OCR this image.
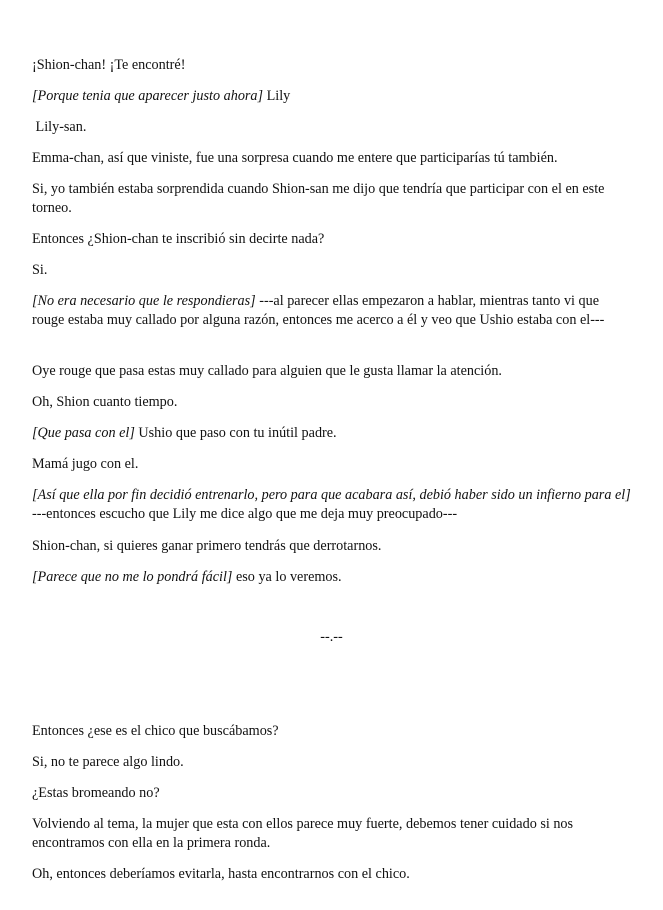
¡Shion-chan! ¡Te encontré!

[Porque tenia que aparecer justo ahora] Lily

Lily-san.

Emma-chan, así que viniste, fue una sorpresa cuando me entere que participarías tú también.

Si, yo también estaba sorprendida cuando Shion-san me dijo que tendría que participar con el en este torneo.

Entonces ¿Shion-chan te inscribió sin decirte nada?

Si.

[No era necesario que le respondieras] ---al parecer ellas empezaron a hablar, mientras tanto vi que rouge estaba muy callado por alguna razón, entonces me acerco a él y veo que Ushio estaba con el---

Oye rouge que pasa estas muy callado para alguien que le gusta llamar la atención.

Oh, Shion cuanto tiempo.

[Que pasa con el] Ushio que paso con tu inútil padre.

Mamá jugo con el.

[Así que ella por fin decidió entrenarlo, pero para que acabara así, debió haber sido un infierno para el] ---entonces escucho que Lily me dice algo que me deja muy preocupado---

Shion-chan, si quieres ganar primero tendrás que derrotarnos.

[Parece que no me lo pondrá fácil] eso ya lo veremos.

--.--

Entonces ¿ese es el chico que buscábamos?

Si, no te parece algo lindo.

¿Estas bromeando no?

Volviendo al tema, la mujer que esta con ellos parece muy fuerte, debemos tener cuidado si nos encontramos con ella en la primera ronda.

Oh, entonces deberíamos evitarla, hasta encontrarnos con el chico.
